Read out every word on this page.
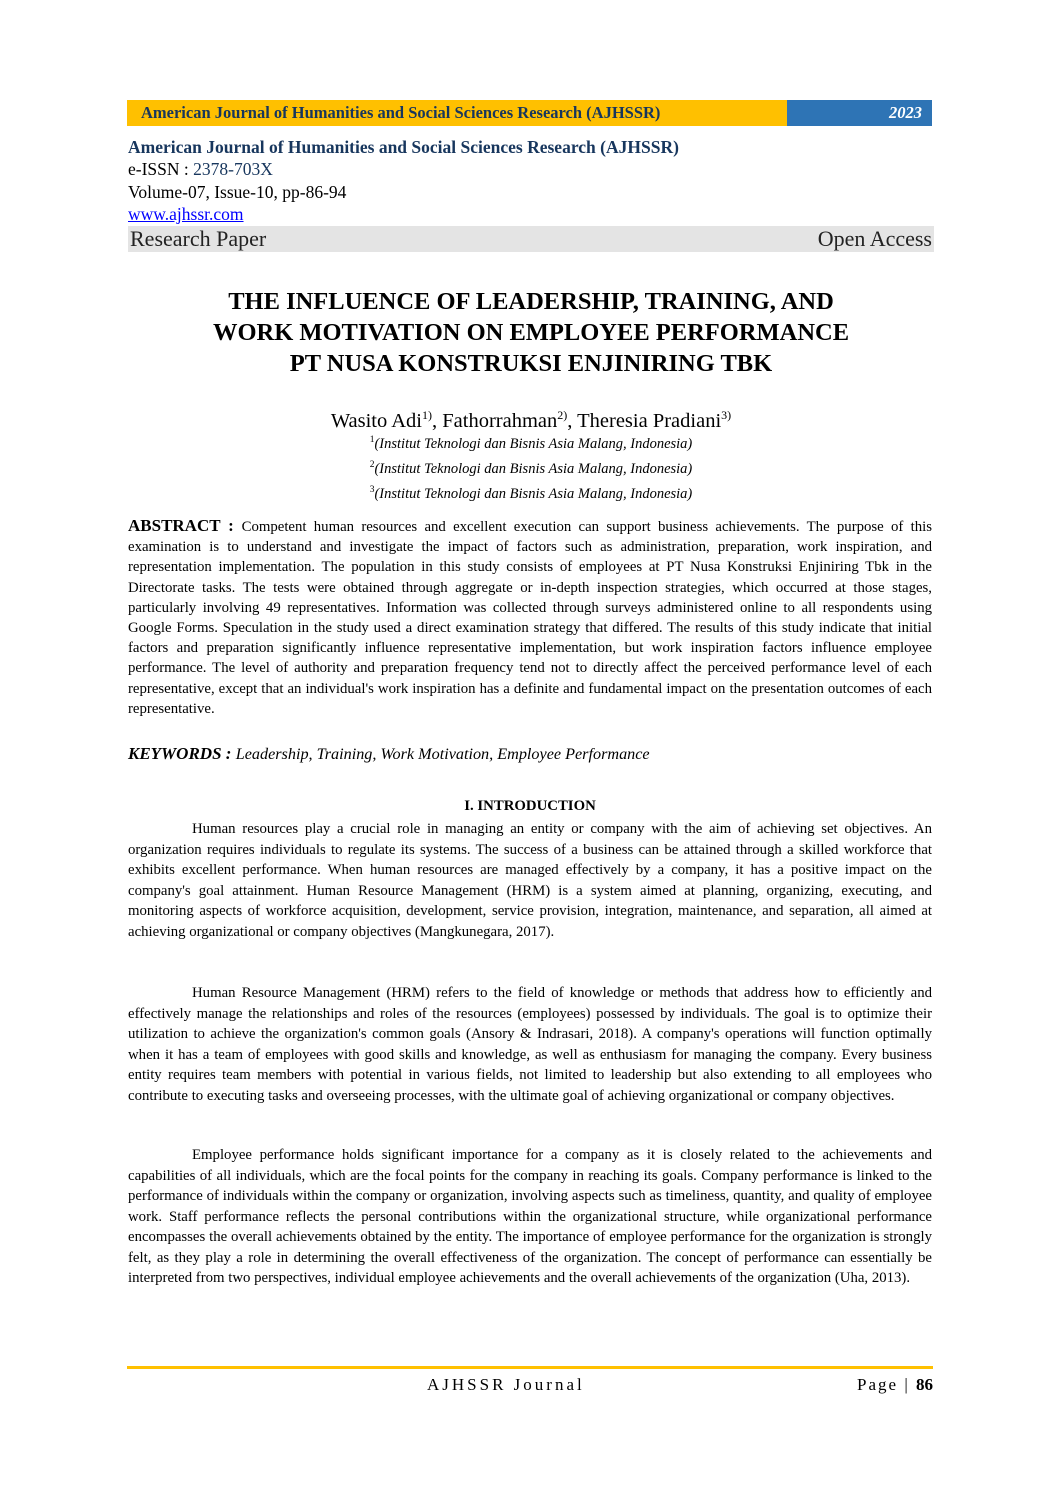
American Journal of Humanities and Social Sciences Research (AJHSSR)	2023
American Journal of Humanities and Social Sciences Research (AJHSSR)
e-ISSN : 2378-703X
Volume-07, Issue-10, pp-86-94
www.ajhssr.com
Research Paper	Open Access
THE INFLUENCE OF LEADERSHIP, TRAINING, AND
WORK MOTIVATION ON EMPLOYEE PERFORMANCE
PT NUSA KONSTRUKSI ENJINIRING TBK
Wasito Adi$^{1)}$, Fathorrahman$^{2)}$, Theresia Pradiani$^{3)}$
$^1$(Institut Teknologi dan Bisnis Asia Malang, Indonesia)
$^2$(Institut Teknologi dan Bisnis Asia Malang, Indonesia)
$^3$(Institut Teknologi dan Bisnis Asia Malang, Indonesia)
ABSTRACT : Competent human resources and excellent execution can support business achievements. The purpose of this examination is to understand and investigate the impact of factors such as administration, preparation, work inspiration, and representation implementation. The population in this study consists of employees at PT Nusa Konstruksi Enjiniring Tbk in the Directorate tasks. The tests were obtained through aggregate or in-depth inspection strategies, which occurred at those stages, particularly involving 49 representatives. Information was collected through surveys administered online to all respondents using Google Forms. Speculation in the study used a direct examination strategy that differed. The results of this study indicate that initial factors and preparation significantly influence representative implementation, but work inspiration factors influence employee performance. The level of authority and preparation frequency tend not to directly affect the perceived performance level of each representative, except that an individual's work inspiration has a definite and fundamental impact on the presentation outcomes of each representative.
KEYWORDS : Leadership, Training, Work Motivation, Employee Performance
I. INTRODUCTION

Human resources play a crucial role in managing an entity or company with the aim of achieving set objectives. An organization requires individuals to regulate its systems. The success of a business can be attained through a skilled workforce that exhibits excellent performance. When human resources are managed effectively by a company, it has a positive impact on the company's goal attainment. Human Resource Management (HRM) is a system aimed at planning, organizing, executing, and monitoring aspects of workforce acquisition, development, service provision, integration, maintenance, and separation, all aimed at achieving organizational or company objectives (Mangkunegara, 2017).

Human Resource Management (HRM) refers to the field of knowledge or methods that address how to efficiently and effectively manage the relationships and roles of the resources (employees) possessed by individuals. The goal is to optimize their utilization to achieve the organization's common goals (Ansory & Indrasari, 2018). A company's operations will function optimally when it has a team of employees with good skills and knowledge, as well as enthusiasm for managing the company. Every business entity requires team members with potential in various fields, not limited to leadership but also extending to all employees who contribute to executing tasks and overseeing processes, with the ultimate goal of achieving organizational or company objectives.

Employee performance holds significant importance for a company as it is closely related to the achievements and capabilities of all individuals, which are the focal points for the company in reaching its goals. Company performance is linked to the performance of individuals within the company or organization, involving aspects such as timeliness, quantity, and quality of employee work. Staff performance reflects the personal contributions within the organizational structure, while organizational performance encompasses the overall achievements obtained by the entity. The importance of employee performance for the organization is strongly felt, as they play a role in determining the overall effectiveness of the organization. The concept of performance can essentially be interpreted from two perspectives, individual employee achievements and the overall achievements of the organization (Uha, 2013).

AJHSSR Journal	Page | 86
